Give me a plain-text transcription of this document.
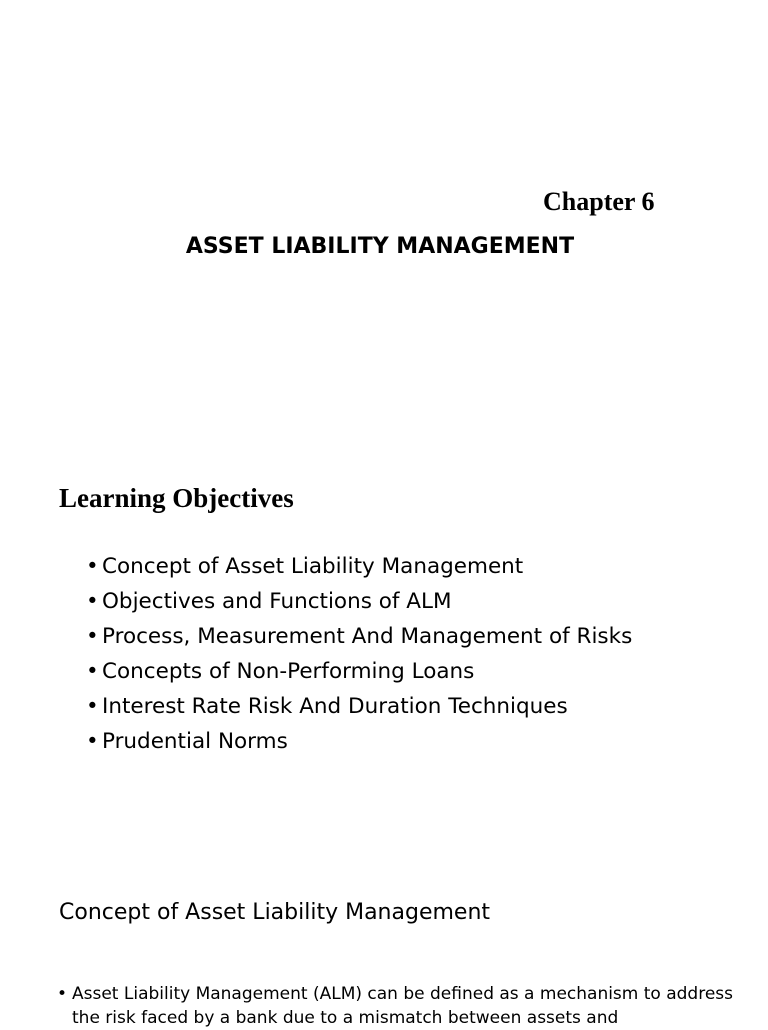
Chapter 6
ASSET LIABILITY MANAGEMENT
Learning Objectives
• Concept of Asset Liability Management
• Objectives and Functions of ALM
• Process, Measurement And Management of Risks
• Concepts of Non-Performing Loans
• Interest Rate Risk And Duration Techniques
• Prudential Norms
Concept of Asset Liability Management
• Asset Liability Management (ALM) can be defined as a mechanism to address the risk faced by a bank due to a mismatch between assets and
